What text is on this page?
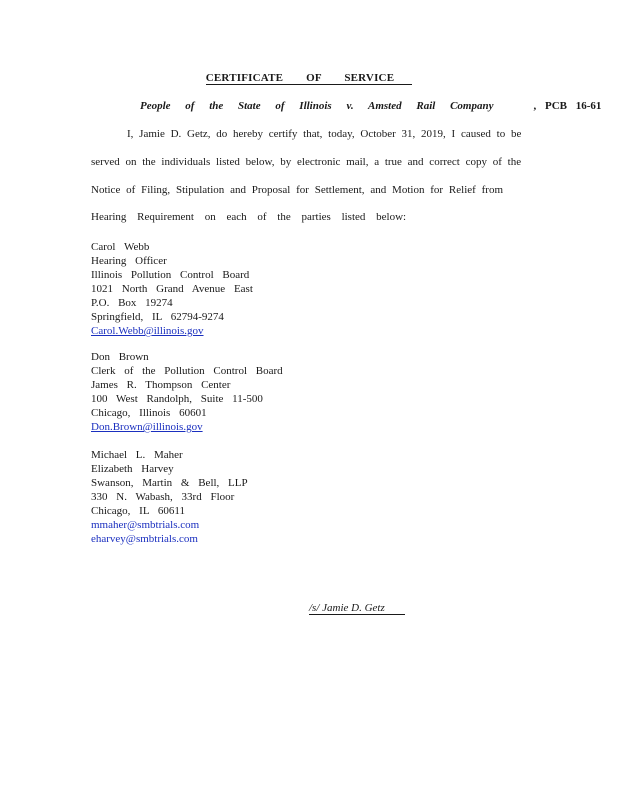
CERTIFICATE OF SERVICE
People of the State of Illinois v. Amsted Rail Company	, PCB 16-61
I, Jamie D. Getz, do hereby certify that, today, October 31, 2019, I caused to be
served on the individuals listed below, by electronic mail, a true and correct copy of the
Notice of Filing, Stipulation and Proposal for Settlement, and Motion for Relief from
Hearing Requirement on each of the parties listed below:
Carol Webb
Hearing Officer
Illinois Pollution Control Board
1021 North Grand Avenue East
P.O. Box 19274
Springfield, IL 62794-9274
Carol.Webb@illinois.gov
Don Brown
Clerk of the Pollution Control Board
James R. Thompson Center
100 West Randolph, Suite 11-500
Chicago, Illinois 60601
Don.Brown@illinois.gov
Michael L. Maher
Elizabeth Harvey
Swanson, Martin & Bell, LLP
330 N. Wabash, 33rd Floor
Chicago, IL 60611
mmaher@smbtrials.com
eharvey@smbtrials.com
/s/ Jamie D. Getz
